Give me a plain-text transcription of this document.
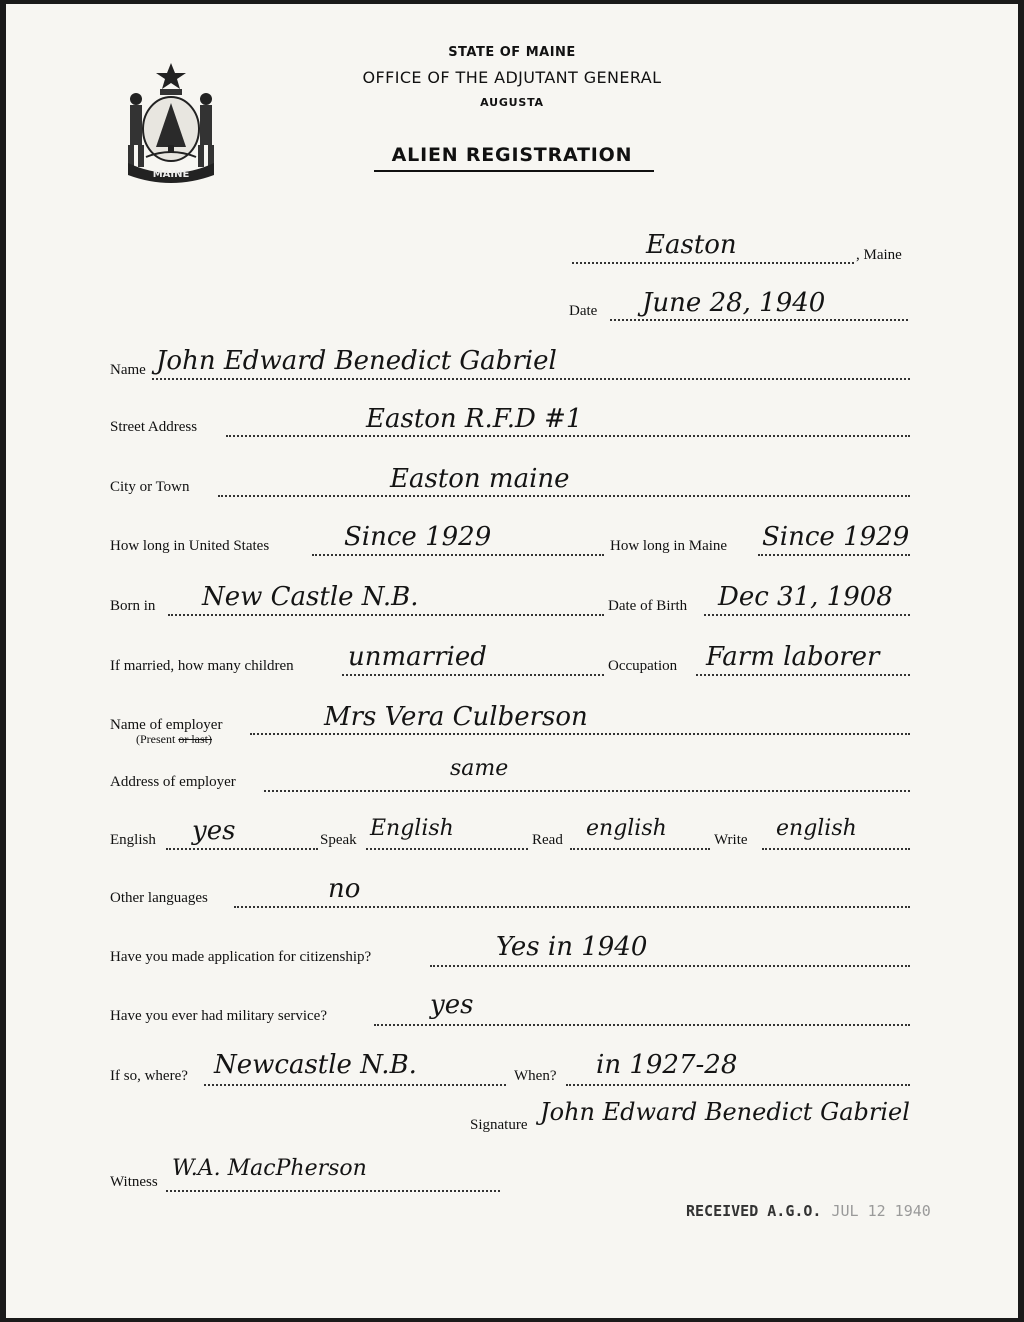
MAINE
STATE OF MAINE
OFFICE OF THE ADJUTANT GENERAL
AUGUSTA
ALIEN REGISTRATION
Easton	, Maine
Date June 28, 1940
Name John Edward Benedict Gabriel
Street Address	Easton R.F.D #1
City or Town	Easton maine
How long in United States	Since 1929	How long in Maine Since 1929
Born in New Castle N.B.	Date of Birth Dec 31, 1908
If married, how many children unmarried	Occupation Farm laborer
Name of employer
(Present or last)
Mrs Vera Culberson
Address of employer
same
English yes	Speak English	Read english	Write english
Other languages	no
Have you made application for citizenship?	Yes in 1940
Have you ever had military service?	yes
If so, where? Newcastle N.B.	When? in 1927-28
Signature John Edward Benedict Gabriel
Witness
W.A. MacPherson
RECEIVED A.G.O. JUL 12 1940
